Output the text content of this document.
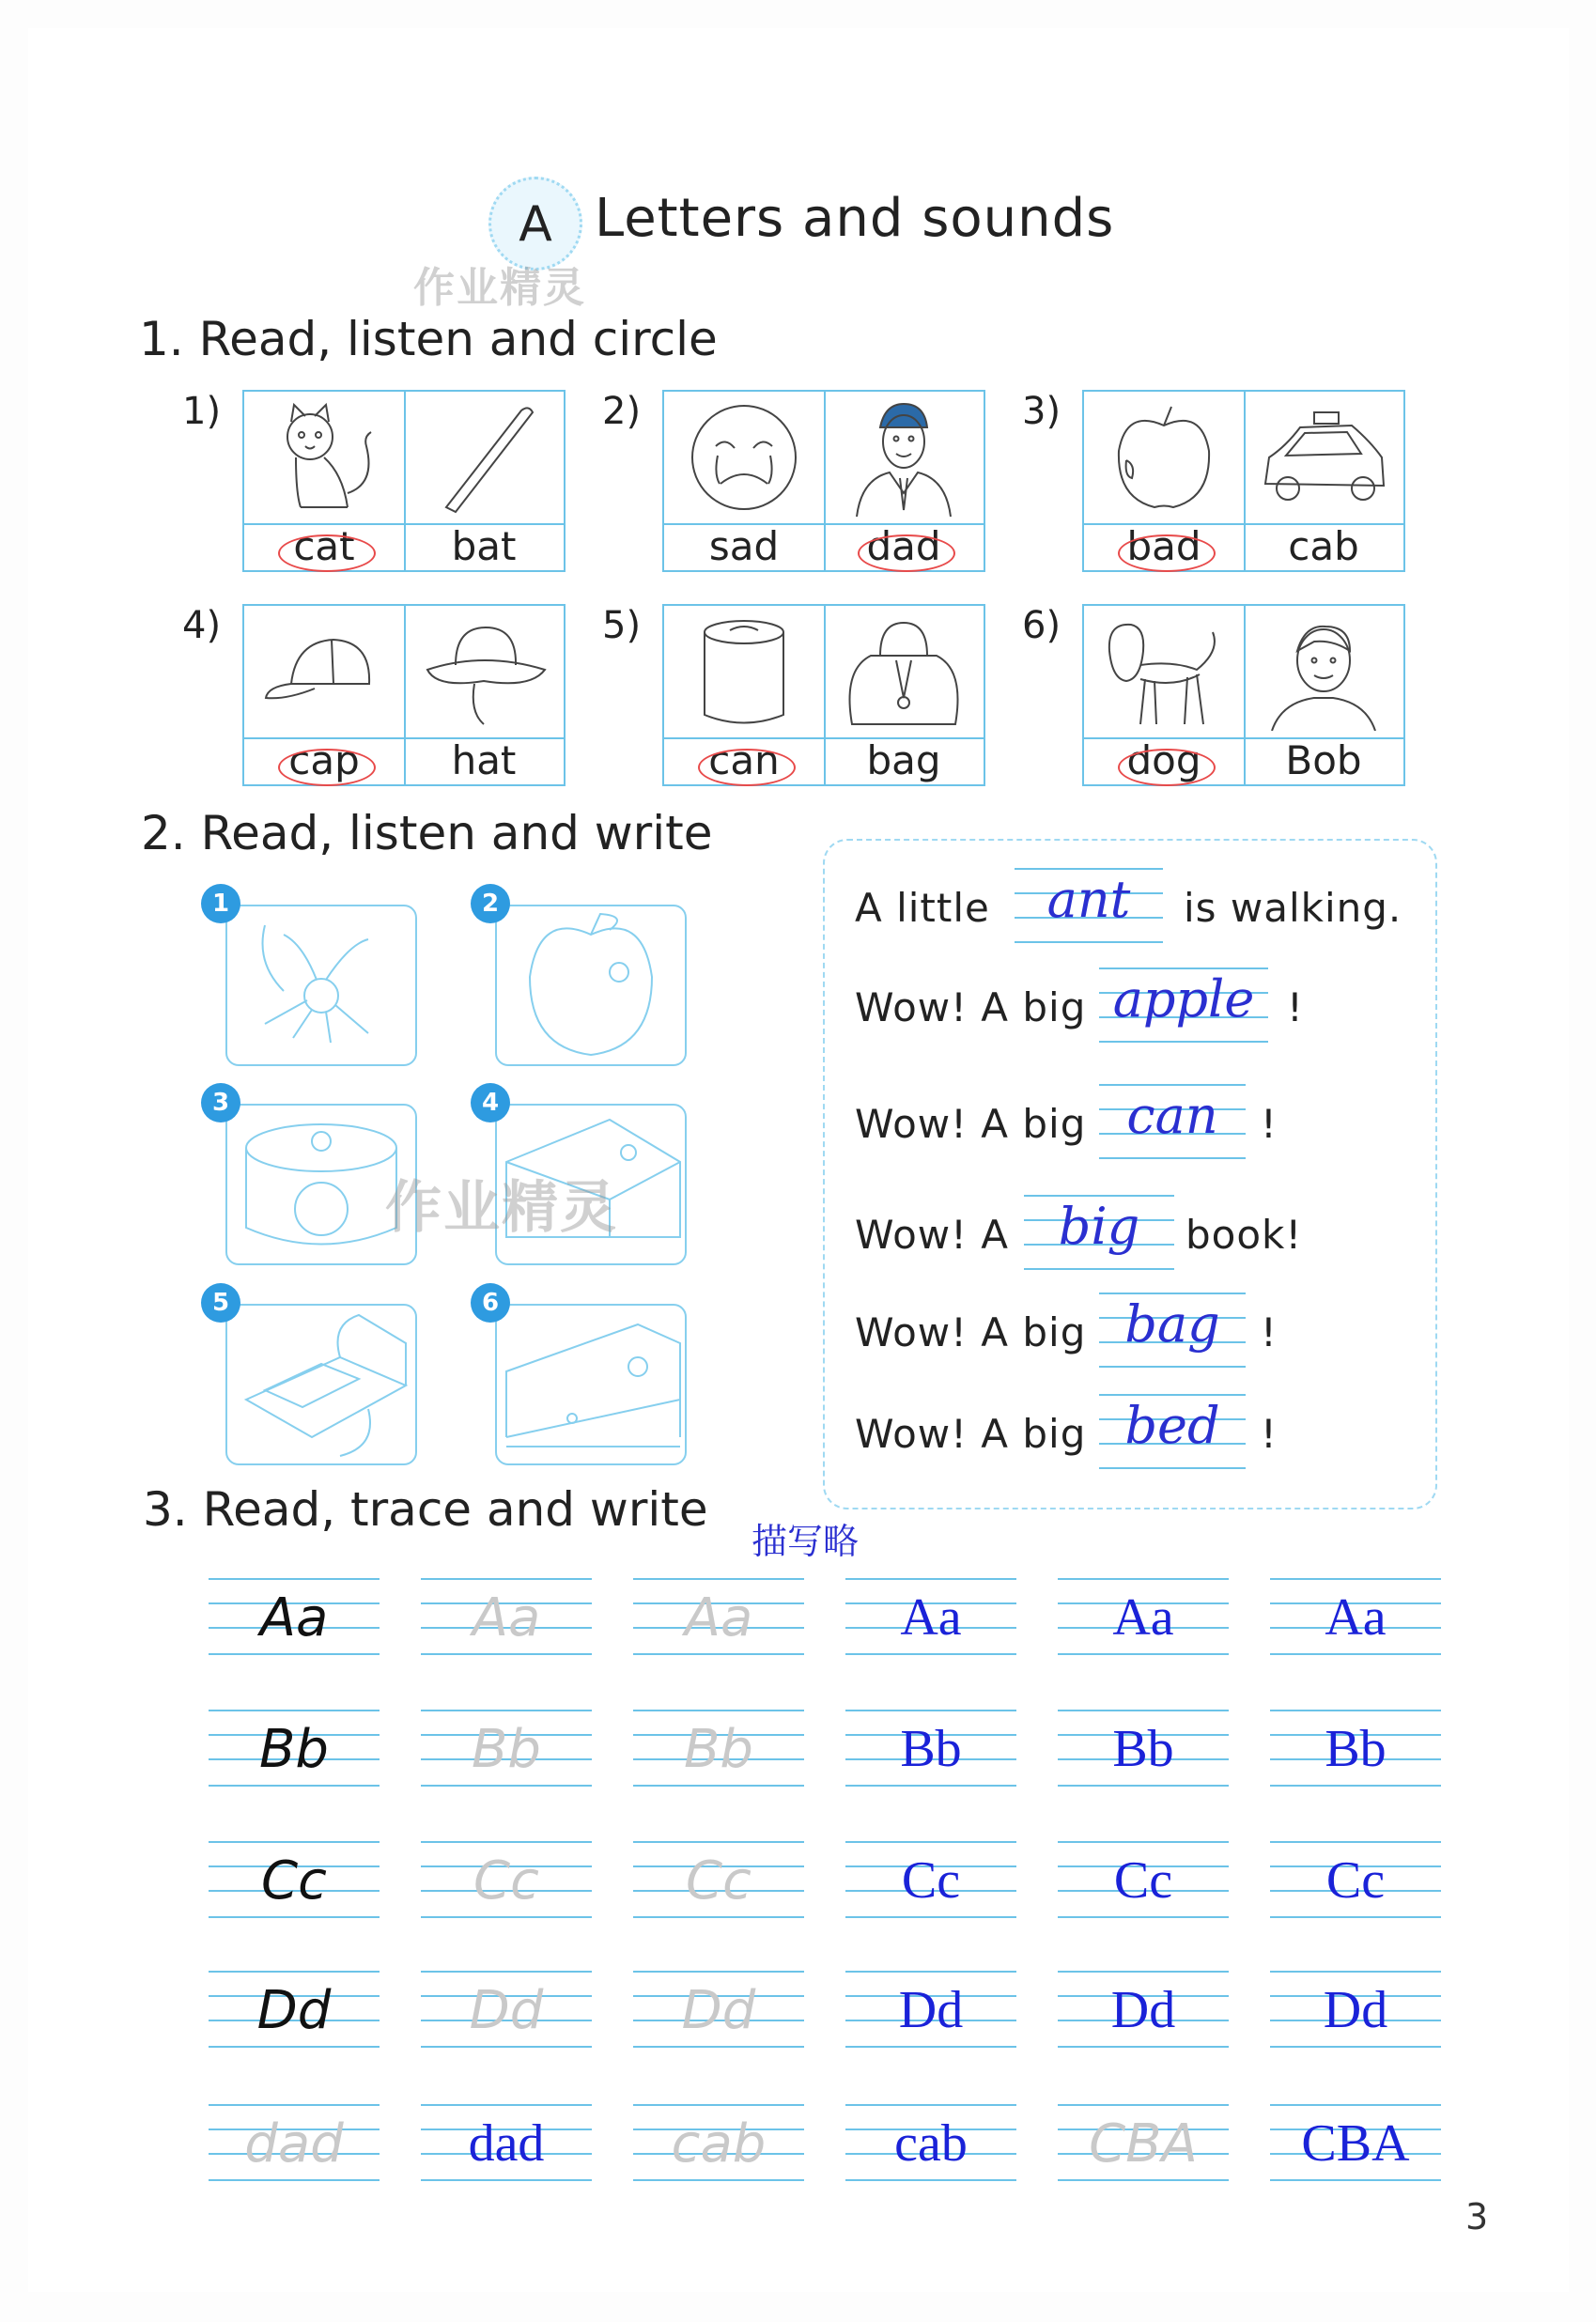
A Letters and sounds
作业精灵
1. Read, listen and circle
1)
cat	bat
2)
sad	dad
3)
bad	cab
4)
cap	hat
5)
can	bag
6)
dog	Bob
2. Read, listen and write
1	2
3	4
5	6
作业精灵
A little	ant	is walking.
Wow! A big apple !
Wow! A big can	!
Wow! A big	book!
Wow! A big bag	!
Wow! A big bed	!
3. Read, trace and write
描写略
Aa	Aa	Aa	Aa	Aa	Aa
Bb	Bb	Bb	Bb	Bb	Bb
Cc	Cc	Cc	Cc	Cc	Cc
Dd	Dd	Dd	Dd	Dd	Dd
dad	dad	cab	cab	CBA	CBA
3
